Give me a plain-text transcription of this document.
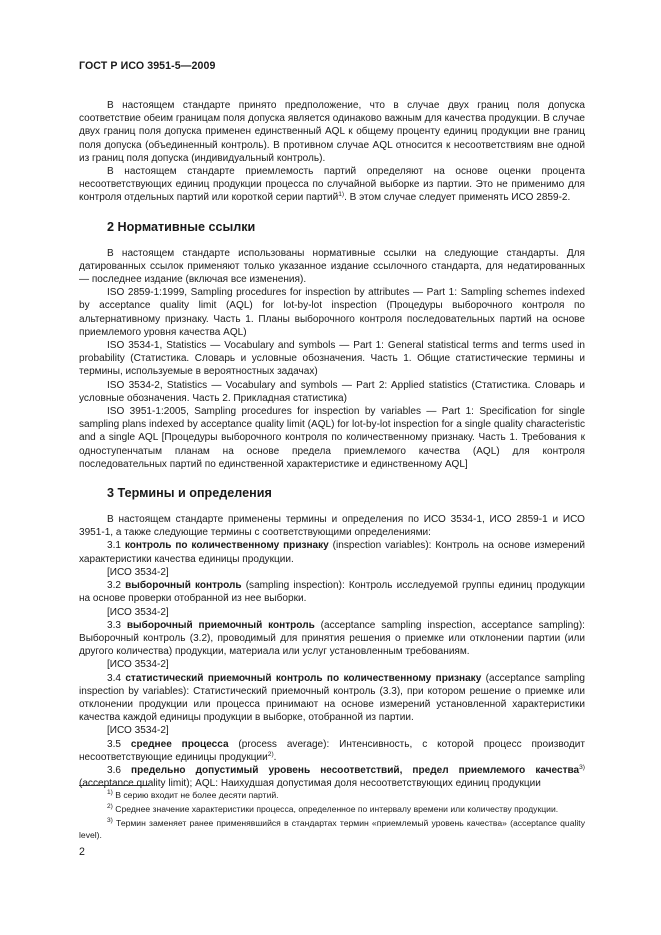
ГОСТ Р ИСО 3951-5—2009

В настоящем стандарте принято предположение, что в случае двух границ поля допуска соответствие обеим границам поля допуска является одинаково важным для качества продукции. В случае двух границ поля допуска применен единственный AQL к общему проценту единиц продукции вне границ поля допуска (объединенный контроль). В противном случае AQL относится к несоответствиям вне одной из границ поля допуска (индивидуальный контроль).

В настоящем стандарте приемлемость партий определяют на основе оценки процента несоответствующих единиц продукции процесса по случайной выборке из партии. Это не применимо для контроля отдельных партий или короткой серии партий$^{1)}$. В этом случае следует применять ИСО 2859-2.

2 Нормативные ссылки

В настоящем стандарте использованы нормативные ссылки на следующие стандарты. Для датированных ссылок применяют только указанное издание ссылочного стандарта, для недатированных — последнее издание (включая все изменения).

ISO 2859-1:1999, Sampling procedures for inspection by attributes — Part 1: Sampling schemes indexed by acceptance quality limit (AQL) for lot-by-lot inspection (Процедуры выборочного контроля по альтернативному признаку. Часть 1. Планы выборочного контроля последовательных партий на основе приемлемого уровня качества AQL)

ISO 3534-1, Statistics — Vocabulary and symbols — Part 1: General statistical terms and terms used in probability (Статистика. Словарь и условные обозначения. Часть 1. Общие статистические термины и термины, используемые в вероятностных задачах)

ISO 3534-2, Statistics — Vocabulary and symbols — Part 2: Applied statistics (Статистика. Словарь и условные обозначения. Часть 2. Прикладная статистика)

ISO 3951-1:2005, Sampling procedures for inspection by variables — Part 1: Specification for single sampling plans indexed by acceptance quality limit (AQL) for lot-by-lot inspection for a single quality characteristic and a single AQL [Процедуры выборочного контроля по количественному признаку. Часть 1. Требования к одноступенчатым планам на основе предела приемлемого качества (AQL) для контроля последовательных партий по единственной характеристике и единственному AQL]

3 Термины и определения

В настоящем стандарте применены термины и определения по ИСО 3534-1, ИСО 2859-1 и ИСО 3951-1, а также следующие термины с соответствующими определениями:

3.1 контроль по количественному признаку (inspection variables): Контроль на основе измерений характеристики качества единицы продукции.

[ИСО 3534-2]

3.2 выборочный контроль (sampling inspection): Контроль исследуемой группы единиц продукции на основе проверки отобранной из нее выборки.

[ИСО 3534-2]

3.3 выборочный приемочный контроль (acceptance sampling inspection, acceptance sampling): Выборочный контроль (3.2), проводимый для принятия решения о приемке или отклонении партии (или другого количества) продукции, материала или услуг установленным требованиям.

[ИСО 3534-2]

3.4 статистический приемочный контроль по количественному признаку (acceptance sampling inspection by variables): Статистический приемочный контроль (3.3), при котором решение о приемке или отклонении продукции или процесса принимают на основе измерений установленной характеристики качества каждой единицы продукции в выборке, отобранной из партии.

[ИСО 3534-2]

3.5 среднее процесса (process average): Интенсивность, с которой процесс производит несоответствующие единицы продукции$^{2)}$.

3.6 предельно допустимый уровень несоответствий, предел приемлемого качества$^{3)}$ (acceptance quality limit); AQL: Наихудшая допустимая доля несоответствующих единиц продукции

$^{1)}$ В серию входит не более десяти партий.

$^{2)}$ Среднее значение характеристики процесса, определенное по интервалу времени или количеству продукции.

$^{3)}$ Термин заменяет ранее применявшийся в стандартах термин «приемлемый уровень качества» (acceptance quality level).

2
